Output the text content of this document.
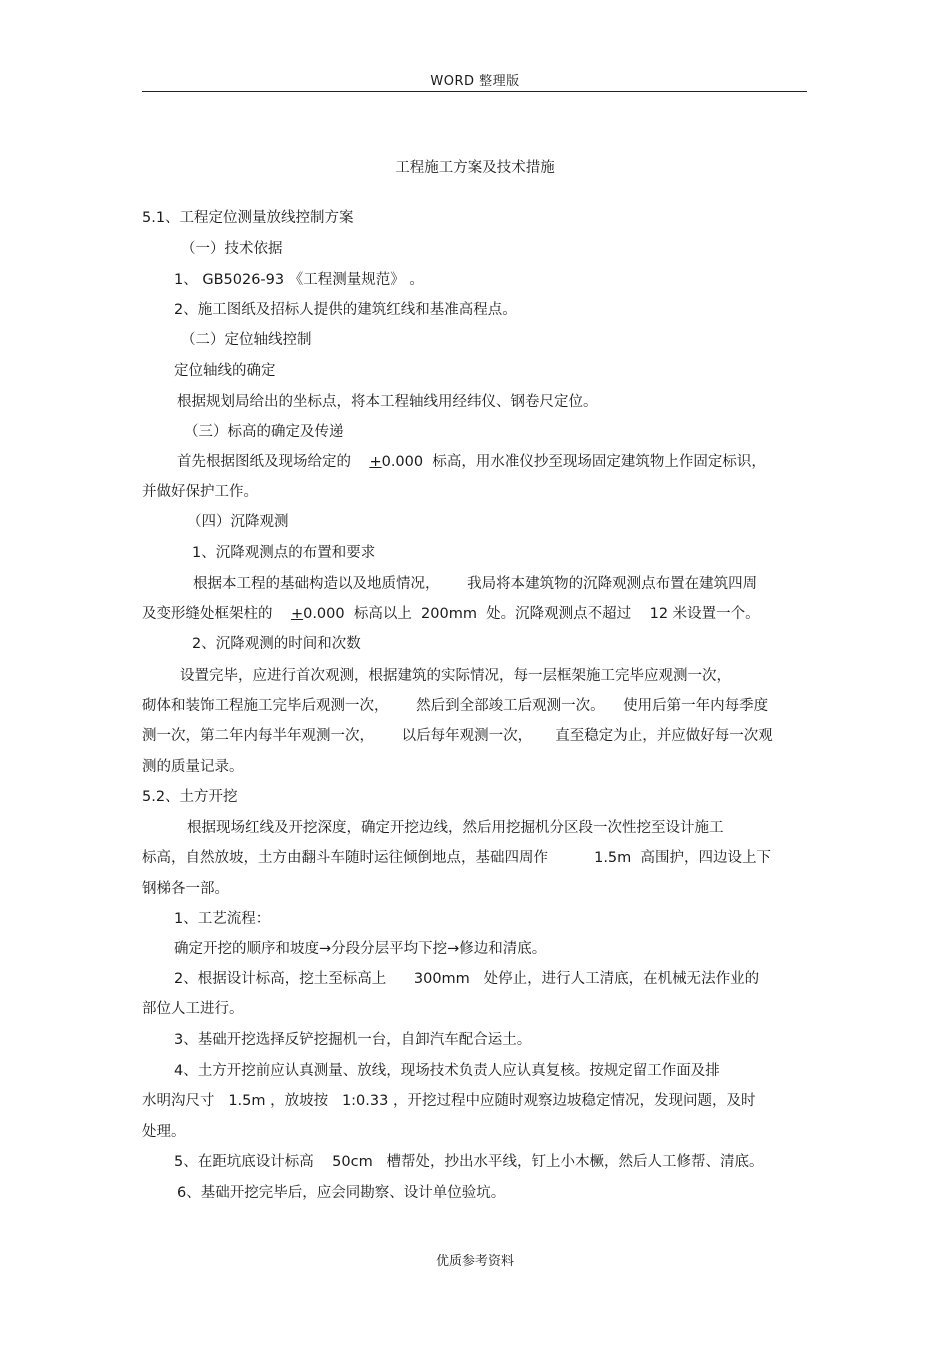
WORD 整理版
工程施工方案及技术措施
5.1、工程定位测量放线控制方案
（一）技术依据
1、 GB5026-93 《工程测量规范》 。
2、施工图纸及招标人提供的建筑红线和基准高程点。
（二）定位轴线控制
定位轴线的确定
根据规划局给出的坐标点，将本工程轴线用经纬仪、钢卷尺定位。
（三）标高的确定及传递
首先根据图纸及现场给定的    +0.000  标高，用水准仪抄至现场固定建筑物上作固定标识，
并做好保护工作。
（四）沉降观测
1、沉降观测点的布置和要求
根据本工程的基础构造以及地质情况，      我局将本建筑物的沉降观测点布置在建筑四周
及变形缝处框架柱的    +0.000  标高以上  200mm  处。沉降观测点不超过    12 米设置一个。
2、沉降观测的时间和次数
设置完毕，应进行首次观测，根据建筑的实际情况，每一层框架施工完毕应观测一次，
砌体和装饰工程施工完毕后观测一次，      然后到全部竣工后观测一次。    使用后第一年内每季度
测一次，第二年内每半年观测一次，      以后每年观测一次，     直至稳定为止，并应做好每一次观
测的质量记录。
5.2、土方开挖
根据现场红线及开挖深度，确定开挖边线，然后用挖掘机分区段一次性挖至设计施工
标高，自然放坡，土方由翻斗车随时运往倾倒地点，基础四周作          1.5m  高围护，四边设上下
钢梯各一部。
1、工艺流程：
确定开挖的顺序和坡度→分段分层平均下挖→修边和清底。
2、根据设计标高，挖土至标高上      300mm   处停止，进行人工清底，在机械无法作业的
部位人工进行。
3、基础开挖选择反铲挖掘机一台，自卸汽车配合运土。
4、土方开挖前应认真测量、放线，现场技术负责人应认真复核。按规定留工作面及排
水明沟尺寸   1.5m ，放坡按   1:0.33 ，开挖过程中应随时观察边坡稳定情况，发现问题，及时
处理。
5、在距坑底设计标高    50cm   槽帮处，抄出水平线，钉上小木橛，然后人工修帮、清底。
6、基础开挖完毕后，应会同勘察、设计单位验坑。
优质参考资料
